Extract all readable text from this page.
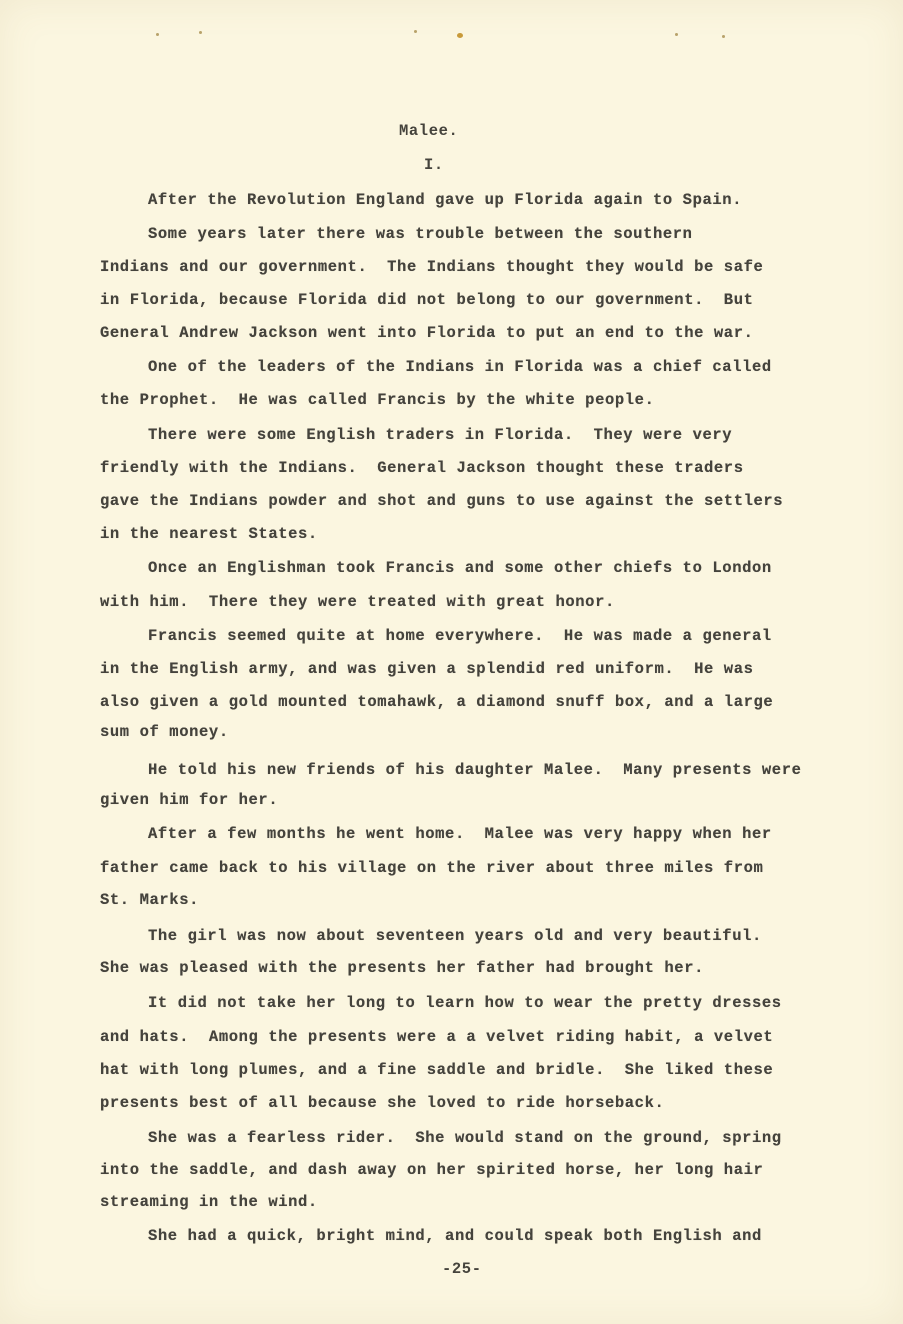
Malee.
I.
After the Revolution England gave up Florida again to Spain.
Some years later there was trouble between the southern
Indians and our government.  The Indians thought they would be safe
in Florida, because Florida did not belong to our government.  But
General Andrew Jackson went into Florida to put an end to the war.
One of the leaders of the Indians in Florida was a chief called
the Prophet.  He was called Francis by the white people.
There were some English traders in Florida.  They were very
friendly with the Indians.  General Jackson thought these traders
gave the Indians powder and shot and guns to use against the settlers
in the nearest States.
Once an Englishman took Francis and some other chiefs to London
with him.  There they were treated with great honor.
Francis seemed quite at home everywhere.  He was made a general
in the English army, and was given a splendid red uniform.  He was
also given a gold mounted tomahawk, a diamond snuff box, and a large
sum of money.
He told his new friends of his daughter Malee.  Many presents were
given him for her.
After a few months he went home.  Malee was very happy when her
father came back to his village on the river about three miles from
St. Marks.
The girl was now about seventeen years old and very beautiful.
She was pleased with the presents her father had brought her.
It did not take her long to learn how to wear the pretty dresses
and hats.  Among the presents were a a velvet riding habit, a velvet
hat with long plumes, and a fine saddle and bridle.  She liked these
presents best of all because she loved to ride horseback.
She was a fearless rider.  She would stand on the ground, spring
into the saddle, and dash away on her spirited horse, her long hair
streaming in the wind.
She had a quick, bright mind, and could speak both English and
-25-
